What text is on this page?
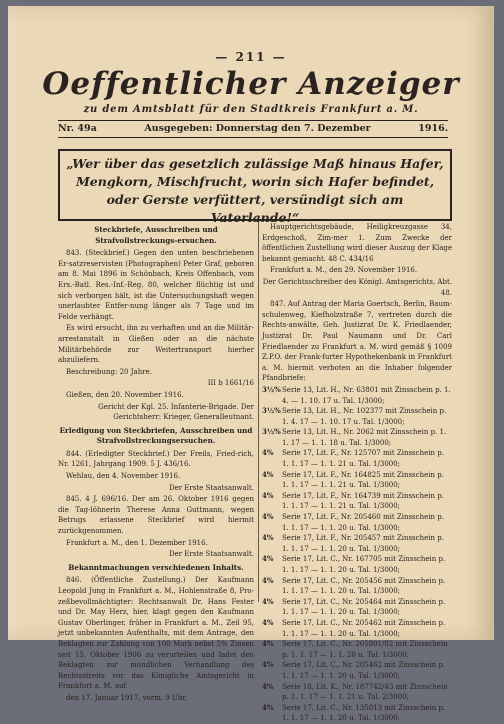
— 211 —
Oeffentlicher Anzeiger
zu dem Amtsblatt für den Stadtkreis Frankfurt a. M.
Nr. 49a	Ausgegeben: Donnerstag den 7. Dezember	1916.
„Wer über das gesetzlich zulässige Maß hinaus Hafer, Mengkorn, Mischfrucht, worin sich Hafer befindet, oder Gerste verfüttert, versündigt sich am Vaterlande!“
Steckbriefe, Ausschreiben und Strafvollstreckungs-ersuchen.
843. (Steckbrief.) Gegen den unten beschriebenen Er-satzreservisten (Photographen) Peter Graf, geboren am 8. Mai 1896 in Schönbach, Kreis Offenbach, vom Ers.-Batl. Res.-Inf.-Reg. 80, welcher flüchtig ist und sich verborgen hält, ist die Untersuchungshaft wegen unerlaubter Entfer-nung länger als 7 Tage und im Felde verhängt.
Es wird ersucht, ihn zu verhaften und an die Militär-arrestanstalt in Gießen oder an die nächste Militärbehörde zur Weitertransport hierher abzuliefern.
Beschreibung: 20 Jahre.
III b 1661/16
Gießen, den 20. November 1916.
Gericht der Kgl. 25. Infanterie-Brigade. Der Gerichtsherr: Krieger, Generalleutnant.
Erledigung von Steckbriefen, Ausschreiben und Strafvollstreckungsersuchen.
844. (Erledigter Steckbrief.) Der Freils, Fried-rich, Nr. 1261, Jahrgang 1909. 5 J. 436/16.
Wehlau, den 4. November 1916.
Der Erste Staatsanwalt.
845. 4 J. 696/16. Der am 26. Oktober 1916 gegen die Tag-löhnerin Therese Anna Guttmann, wegen Betrugs erlassene Steckbrief wird hiermit zurückgenommen.
Frankfurt a. M., den 1. Dezember 1916.
Der Erste Staatsanwalt.
Bekanntmachungen verschiedenen Inhalts.
846. (Öffentliche Zustellung.) Der Kaufmann Leopold Jung in Frankfurt a. M., Hohlenstraße 8, Pro-zeßbevollmächtigter: Rechtsanwalt Dr. Hans Fester und Dr. May Herz, hier, klagt gegen den Kaufmann Gustav Oberlinger, früher in Frankfurt a. M., Zeil 95, jetzt unbekannten Aufenthalts, mit dem Antrage, den Beklagten zur Zahlung von 100 Mark nebst 5% Zinsen seit 15. Oktober 1906 zu verurteilen und ladet den Beklagten zur mündlichen Verhandlung des Rechtsstreits vor das Königliche Amtsgericht in Frankfurt a. M. auf
den 17. Januar 1917, vorm. 9 Uhr,
Hauptgerichtsgebäude, Heiligkreuzgasse 34, Erdgeschoß, Zim-mer 1. Zum Zwecke der öffentlichen Zustellung wird dieser Auszug der Klage bekannt gemacht. 48 C. 434/16
Frankfurt a. M., den 29. November 1916.
Der Gerichtsschreiber des Königl. Amtsgerichts, Abt. 48.
847. Auf Antrag der Maria Goertsch, Berlin, Baum-schulenweg, Kiefholzstraße 7, vertreten durch die Rechts-anwälte, Geh. Justizrat Dr. K. Friedlaender, Justizrat Dr. Paul Naumann und Dr. Carl Friedlaender zu Frankfurt a. M. wird gemäß § 1009 Z.P.O. der Frank-furter Hypothekenbank in Frankfurt a. M. hiermit verboten an die Inhaber folgender Pfandbriefe:
3½% Serie 13, Lit. H., Nr. 63801 mit Zinsschein p. 1. 4. — 1. 10. 17 u. Tal. 1/3000;
3½% Serie 13, Lit. H., Nr. 102377 mit Zinsschein p. 1. 4. 17 — 1. 10. 17 u. Tal. 1/3000;
3½% Serie 13, Lit. H., Nr. 2062 mit Zinsschein p. 1. 1. 17 — 1. 1. 18 u. Tal. 1/3000;
4%	Serie 17, Lit. F., Nr. 125707 mit Zinsschein p. 1. 1. 17 — 1. 1. 21 u. Tal. 1/3000;
4%	Serie 17, Lit. F., Nr. 164825 mit Zinsschein p. 1. 1. 17 — 1. 1. 21 u. Tal. 1/3000;
4%	Serie 17, Lit. F., Nr. 164739 mit Zinsschein p. 1. 1. 17 — 1. 1. 21 u. Tal. 1/3000;
4%	Serie 17, Lit. F., Nr. 205460 mit Zinsschein p. 1. 1. 17 — 1. 1. 20 u. Tal. 1/3000;
4%	Serie 17, Lit. F., Nr. 205457 mit Zinsschein p. 1. 1. 17 — 1. 1. 20 u. Tal. 1/3000;
4%	Serie 17, Lit. C., Nr. 167705 mit Zinsschein p. 1. 1. 17 — 1. 1. 20 u. Tal. 1/3000;
4%	Serie 17, Lit. C., Nr. 205456 mit Zinsschein p. 1. 1. 17 — 1. 1. 20 u. Tal. 1/3000;
4%	Serie 17, Lit. C., Nr. 205464 mit Zinsschein p. 1. 1. 17 — 1. 1. 20 u. Tal. 1/3000;
4%	Serie 17, Lit. C., Nr. 205462 mit Zinsschein p. 1. 1. 17 — 1. 1. 20 u. Tal. 1/3000;
4%	Serie 17, Lit. C., Nr. 205801/02 mit Zinsschein p. 1. 1. 17 — 1. 1. 20 u. Tal. 1/3000;
4%	Serie 17, Lit. C., Nr. 205462 mit Zinsschein p. 1. 1. 17 — 1. 1. 20 u. Tal. 1/3000;
4%	Serie 18, Lit. K., Nr. 187742/43 mit Zinsschein p. 1. 1. 17 — 1. 1. 21 u. Tal. 2/3000;
4%	Serie 17, Lit. C., Nr. 135013 mit Zinsschein p. 1. 1. 17 — 1. 1. 20 u. Tal. 1/3000;
